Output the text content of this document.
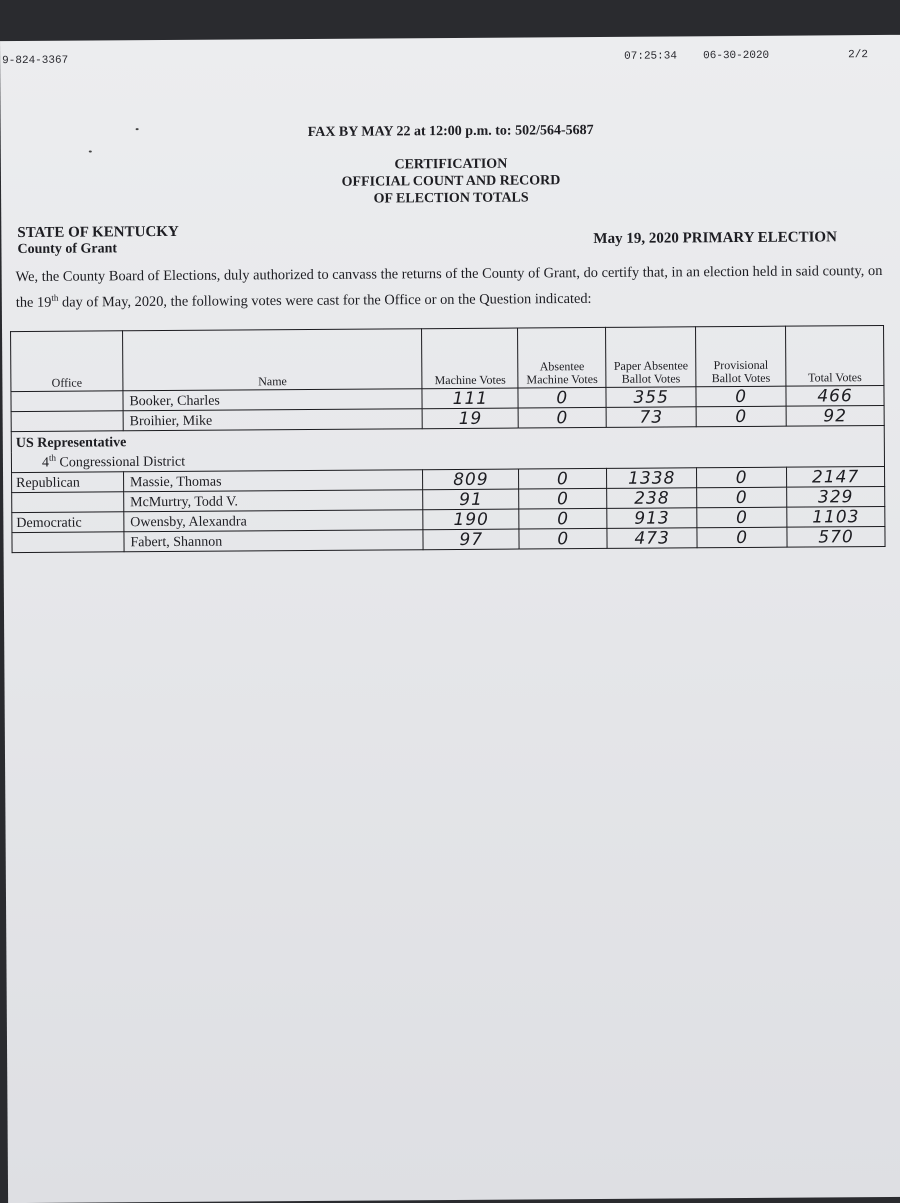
9-824-3367	07:25:34 06-30-2020	2/2
FAX BY MAY 22 at 12:00 p.m. to: 502/564-5687
CERTIFICATION
OFFICIAL COUNT AND RECORD
OF ELECTION TOTALS
STATE OF KENTUCKY
County of Grant
May 19, 2020 PRIMARY ELECTION
We, the County Board of Elections, duly authorized to canvass the returns of the County of Grant, do certify that, in an election held in said county, on the 19th day of May, 2020, the following votes were cast for the Office or on the Question indicated:
Office	Name	Machine Votes	Absentee Machine Votes	Paper Absentee Ballot Votes	Provisional Ballot Votes	Total Votes
	Booker, Charles	111	0	355	0	466
	Broihier, Mike	19	0	73	0	92
US Representative						
4th Congressional District						
Republican	Massie, Thomas	809	0	1338	0	2147
	McMurtry, Todd V.	91	0	238	0	329
Democratic	Owensby, Alexandra	190	0	913	0	1103
	Fabert, Shannon	97	0	473	0	570
